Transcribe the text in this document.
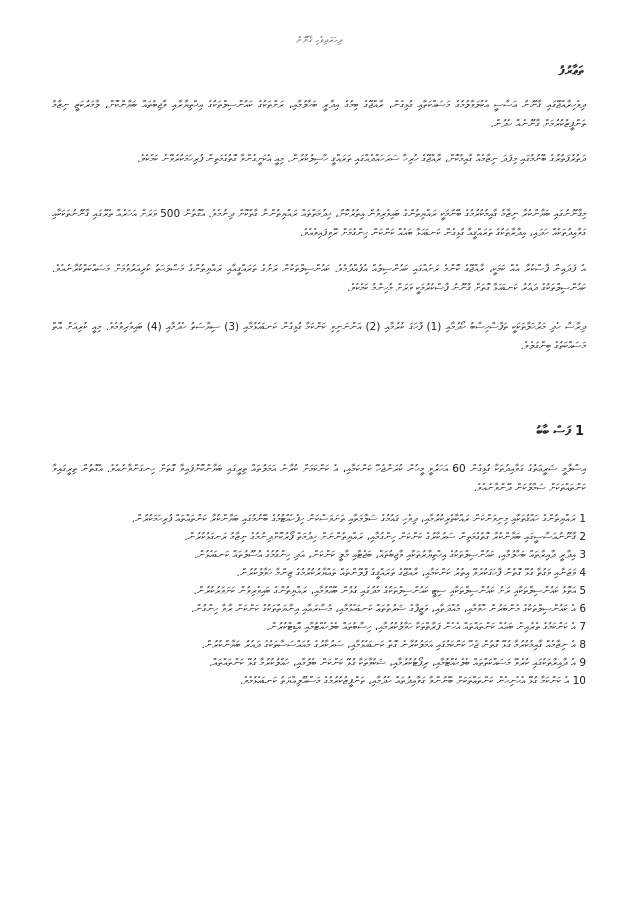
ދިހަރަދިވެހި ޤާނޫނު
ތަޢާރުފު

ދިވެހިރާއްޖޭގައި ޤާނޫނު އަސާސީ އެކުލަވާލުމުގެ މަސައްކަތާއި ގުޅިގެން، ރާއްޖޭގެ ބިމުގެ އިދާރީ ބަހާލުމާއި، ރަށްތަކުގެ ކައުންސިލްތަކުގެ އިޚްތިޔާރާއި ވާޖިބުތައް ބަޔާންކޮށް، ލާމަރުކަޒީ ނިޒާމު ތަންފީޒުކުރުމަށް ޤާނޫނެއް ހެދުން.

ދަތުރުފަތުރުގެ ބޭނުމުގައި މިފަދަ ނިޒާމެއް ގާއިމުކޮށް، ރާއްޖޭގެ ހުރިހާ ސަރަހައްދެއްގައި ތަރައްޤީ ހާސިލުކުރުން. މިއީ އެކަށީގެންވާ ގޮތުގެމަތިން ފުރިހަމަކުރެވޭނެ ކަމެކެވެ.

މިޤާނޫނުގައި ބަޔާންކުރާ ނިޒާމު ގާއިމުކުރުމުގެ ބޭނުމަކީ ރައްޔިތުންގެ ބައިވެރިވުން އިތުރުކޮށް، ޚިދުމަތްތައް ރައްޔިތުންނާ ގާތްކޮށް ދިނުމެވެ. އެގޮތުން 500 ވަރަށް އަހަރެއް ތެރޭގައި ޤާނޫނުތަކަކާއި ގަވާއިދުތަކެއް ހަދައި، އިދާރާތަކުގެ ތަރައްޤީއާ ގުޅިގެން ކަނޑައަޅާ ބައެއް ކަންކަން ހިންގުމަށް ރޭވިފައިވެއެވެ.

އެ ފަދައިން ފާސްކުރާ އެއް ކަމަކީ، ރާއްޖޭގެ ކޮންމެ ރަށެއްގައި ކައުންސިލެއް އުފެއްދުމެވެ. ކައުންސިލްތަކުން ރަށުގެ ތަރައްޤީއާއި ރައްޔިތުންގެ މަޞްލަޙަތު ކުރިއަރުވުމަށް މަސައްކަތްކުރާނެއެވެ. ކައުންސިލްތަކުގެ ދައުރު ކަނޑައަޅާ ގޮތަށް ޤާނޫނު ފާސްކުރުމަކީ ވަރަށް މުހިންމު ކަމެކެވެ.

ދިރާސާ ހެދި މަރުޙަލާތަކަކީ ތަފާސްހިސާބު ހޯދުމާއި (1) ފާހަގަ ކުރުމާއި (2) އަންނަނިވި ކަންކަމާ ގުޅިގެން ކަނޑައެޅުމާއި (3) ސިޔާސަތު ހެދުމާއި (4) ބައިވެރިވުމެވެ. މިއީ ކުރިއަށް އޮތް މަސައްކަތުގެ ބިންގަލެވެ.

1 ފަސް ބާބު

އިސްލާމީ ޝަރީޢަތުގެ ގަވާއިދުތަކާ ގުޅިގެން 60 އަހަރުވީ މީހުން ކުރަންޖެހޭ ކަންކަމާއި، އެ ކަންކަމަށް ކުރާނެ އަމަލުތައް ތިރީގައި ބަޔާންކޮށްފައިވާ ގޮތަށް ހިނގަންވާނެއެވެ. އެގޮތުން ތިރީގައިވާ ކަންތައްތަކަށް ސަމާލުކަން ދޭންވާނެއެވެ.

1 ރައްޔިތުންގެ ހައްޤުތަކާއި މިނިވަންކަން ރައްކާތެރިކުރުމާއި، ދިވެހި ޤައުމުގެ ސަލާމަތާއި ތަނަވަސްކަން ހިފެހެއްޓުމުގެ ބޭނުމުގައި ބަޔާންކުރާ ކަންތައްތައް ފުރިހަމަކުރުން.
2 ޤާނޫނުއަސާސީގައި ބަޔާންކުރާ ގޮތުގެމަތިން ސަރުކާރުގެ ކަންކަން ހިންގުމާއި، ރައްޔިތުންނަށް ޚިދުމަތް ފޯރުކޮށްދިނުމުގެ ނިޒާމު ރަނގަޅުކުރުން.
3 އިދާރީ ދާއިރާތައް ބަހާލުމާއި، ކައުންސިލްތަކުގެ އިޚްތިޔާރުތަކާއި ވާޖިބުތައް، ބަޖެޓާއި މާލީ ކަންކަން، އަދި ހިންގުމުގެ އުސޫލުތައް ކަނޑައެޅުން.
4 ވަޒަނާއި ވަގުތާ ގުޅޭ ގޮތުން ފާހަގަކުރެވޭ އިތުރު ކަންކަމާއި، ރާއްޖޭގެ ތަރައްޤީގެ ޕްލޭންތައް ތައްޔާރުކުރުމުގެ ޒިންމާ ހަވާލުކުރުން.
5 އަތޮޅު ކައުންސިލްތަކާއި ރަށު ކައުންސިލްތަކާއި ސިޓީ ކައުންސިލްތަކުގެ މެދުގައި ގުޅުން ބޭއްވުމާއި، ރައްޔިތުންގެ ބައިވެރިވުން ކަށަވަރުކުރުން.
6 އެ ކައުންސިލްތަކުގެ މެންބަރުން ހޮވުމާއި، މުއްދަތާއި، ވަޒީފާގެ ޝަރުތުތައް ކަނޑައެޅުމާއި، މުސާރައާއި އިނާޔަތްތަކުގެ ކަންކަން ރާވާ ހިންގުން.
7 އެ ކަންކަމުގެ ތެރެއިން ބައެއް ކަންތައްތައް އެހެން ފަރާތްތަކާ ހަވާލުކުރުމާއި، ހިސާބުތައް ބެލެހެއްޓުމާއި އޮޑިޓްކުރުން.
8 އެ ނިޒާމެއް ގާއިމުކުރުމާ ގުޅޭ ގޮތުން ޖެހޭ ކަންކަމުގައި އަމަލުކުރާނެ ގޮތް ކަނޑައެޅުމާއި، ސަރުކާރުގެ މުއައްސަސާތަކުގެ ދައުރު ބަޔާންކުރުން.
9 އެ ދާއިރާތަކުގައި ކުރެވޭ މަސައްކަތްތައް ބެލެހެއްޓުމާއި، ރިޕޯޓުކުރުމާއި، ޝަކުވާތަކާ ގުޅޭ ކަންކަން ބެލުމާއި، ހައްލުކުރުމާ ގުޅޭ ކަންތައްތައް.
10 އެ ކަންކަމާ ގުޅޭ އެހެނިހެން ކަންތައްތަކަށް ބޭނުންވާ ގަވާއިދުތައް ހެދުމާއި، ތަންފީޒުކުރުމުގެ މަސްއޫލިއްޔަތު ކަނޑައެޅުމެވެ.
